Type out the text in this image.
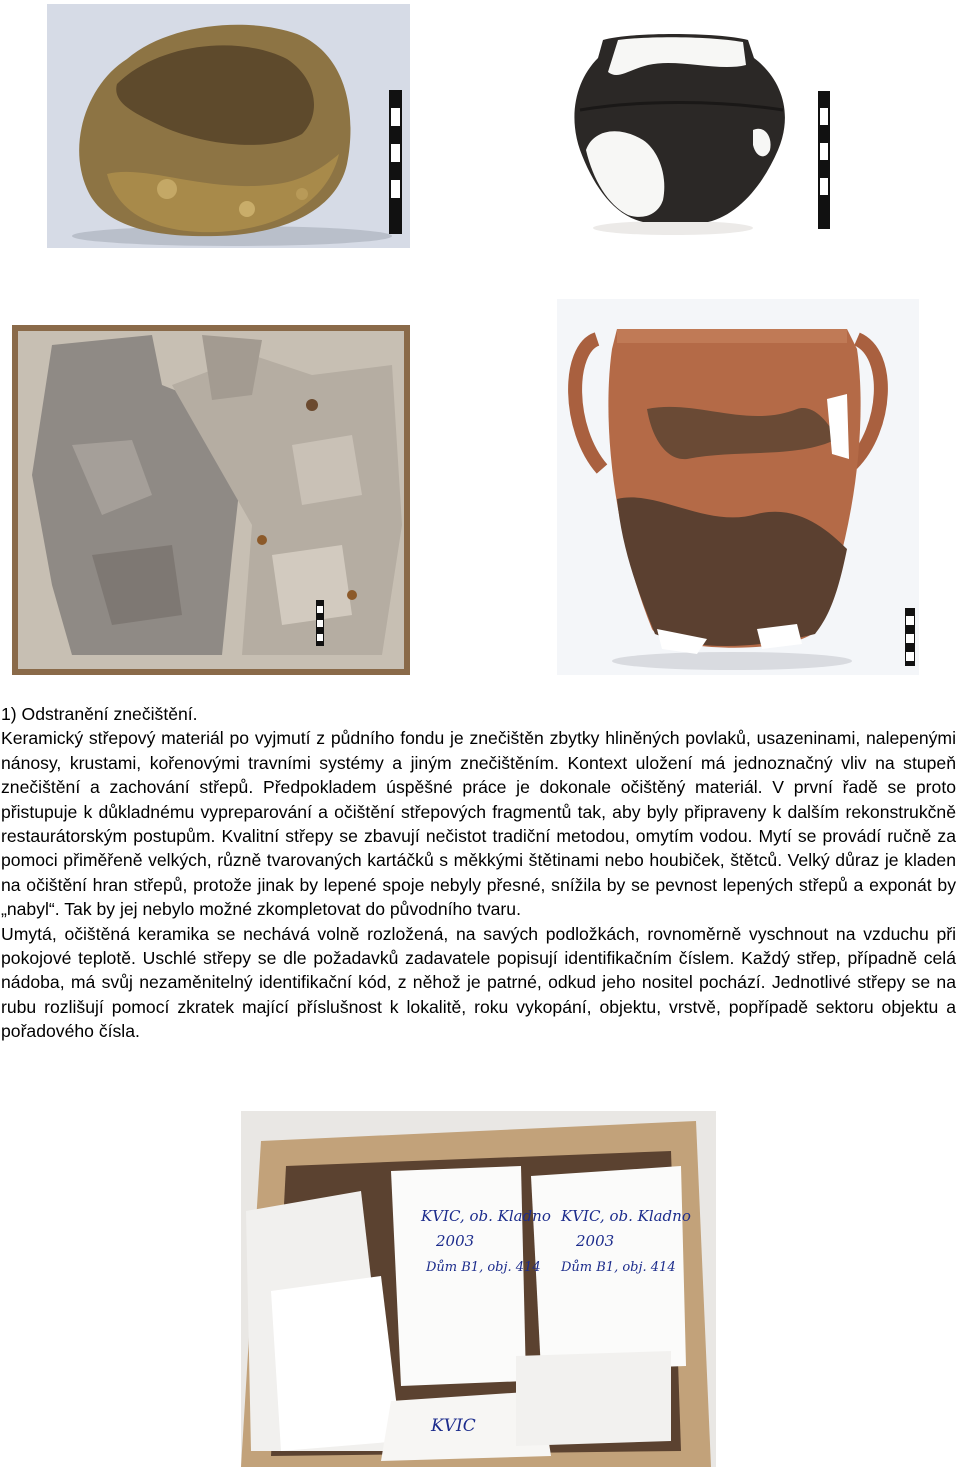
1) Odstranění znečištění.

Keramický střepový materiál po vyjmutí z půdního fondu je znečištěn zbytky hliněných povlaků, usazeninami, nalepenými nánosy, krustami, kořenovými travními systémy a jiným znečištěním. Kontext uložení má jednoznačný vliv na stupeň znečištění a zachování střepů. Předpokladem úspěšné práce je dokonale očištěný materiál. V první řadě se proto přistupuje k důkladnému vypreparování a očištění střepových fragmentů tak, aby byly připraveny k dalším rekonstrukčně restaurátorským postupům. Kvalitní střepy se zbavují nečistot tradiční metodou, omytím vodou. Mytí se provádí ručně za pomoci přiměřeně velkých, různě tvarovaných kartáčků s měkkými štětinami nebo houbiček, štětců. Velký důraz je kladen na očištění hran střepů, protože jinak by lepené spoje nebyly přesné, snížila by se pevnost lepených střepů a exponát by „nabyl“. Tak by jej nebylo možné zkompletovat do původního tvaru.

Umytá, očištěná keramika se nechává volně rozložená, na savých podložkách, rovnoměrně vyschnout na vzduchu při pokojové teplotě. Uschlé střepy se dle požadavků zadavatele popisují identifikačním číslem. Každý střep, případně celá nádoba, má svůj nezaměnitelný identifikační kód, z něhož je patrné, odkud jeho nositel pochází. Jednotlivé střepy se na rubu rozlišují pomocí zkratek mající příslušnost k lokalitě, roku vykopání, objektu, vrstvě, popřípadě sektoru objektu a pořadového čísla.

KVIC, ob. Kladno
2003
Dům B1, obj. 414
KVIC, ob. Kladno
2003
Dům B1, obj. 414
KVIC
